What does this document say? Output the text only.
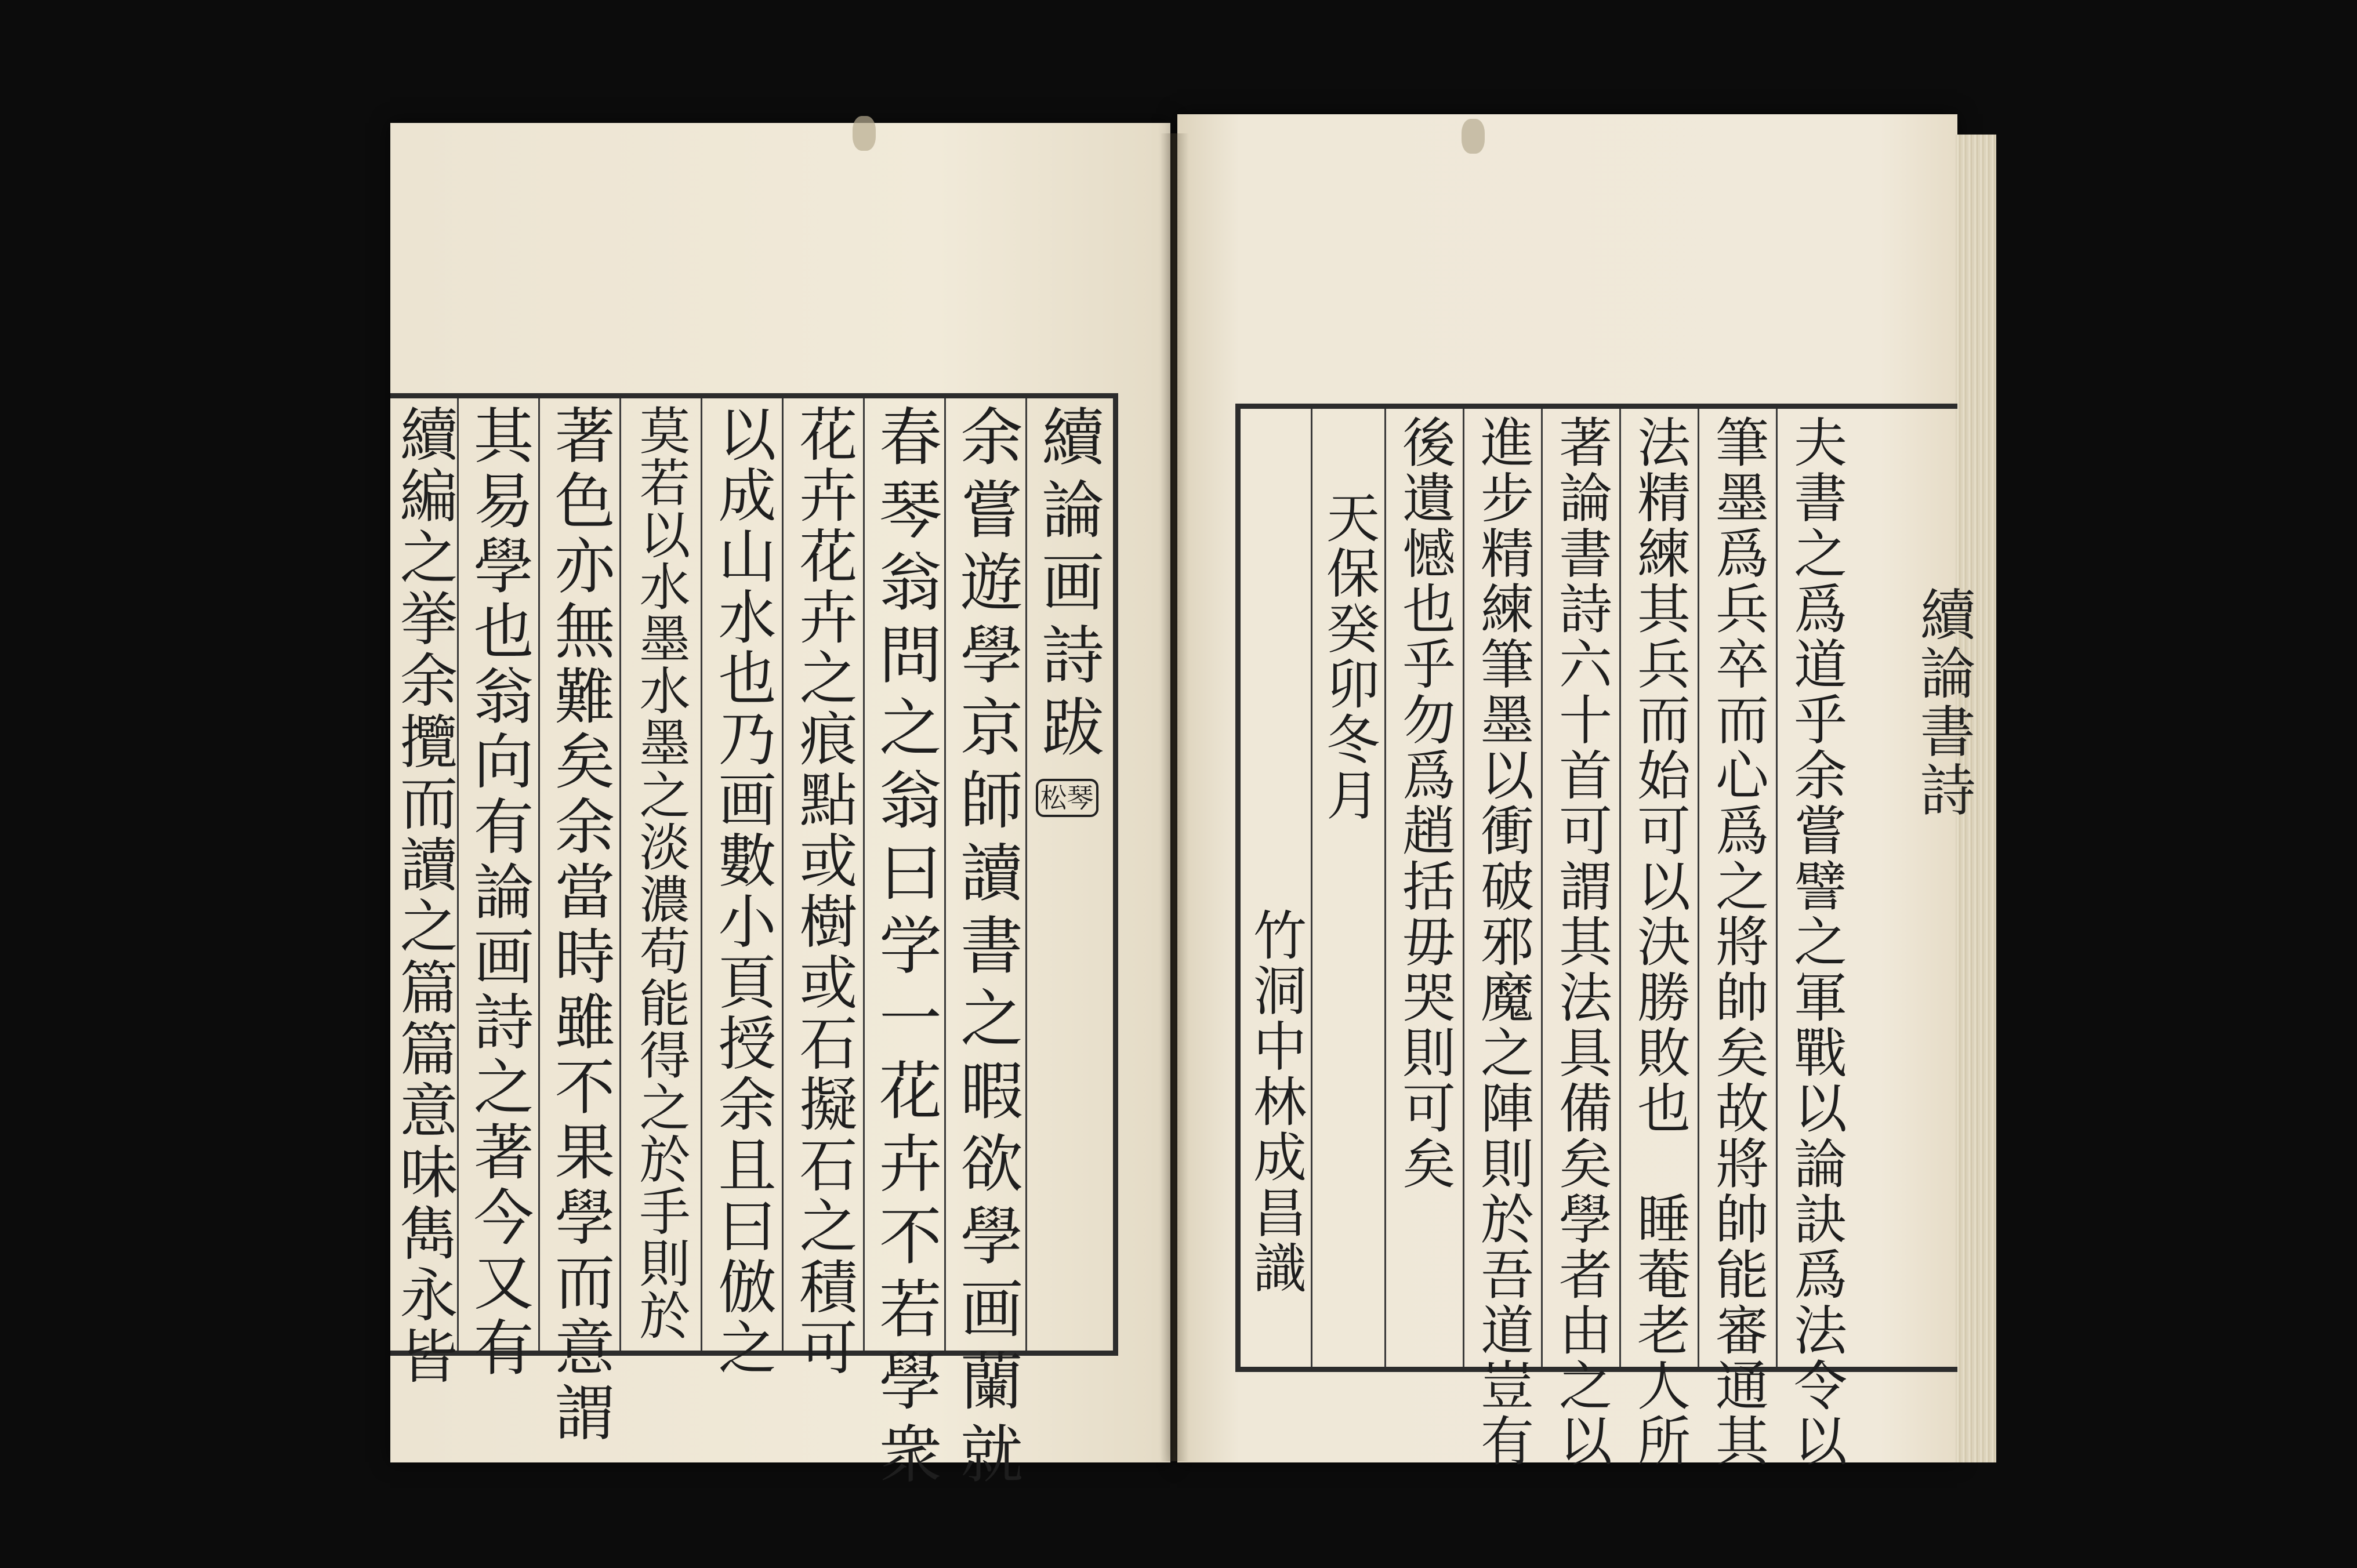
續論画詩跋
松琴
余嘗遊學京師讀書之暇欲學画蘭就
春琴翁問之翁曰学一花卉不若學衆
花卉花卉之痕點或樹或石擬石之積可
以成山水也乃画數小頁授余且曰倣之
莫若以水墨水墨之淡濃苟能得之於手則於
著色亦無難矣余當時雖不果學而意謂
其易學也翁向有論画詩之著今又有
續編之挙余攬而讀之篇篇意味雋永皆	夫書之爲道乎余嘗譬之軍戰以論訣爲法令以
筆墨爲兵卒而心爲之將帥矣故將帥能審通其
法精練其兵而始可以決勝敗也　睡菴老人所
著論書詩六十首可謂其法具備矣學者由之以
進步精練筆墨以衝破邪魔之陣則於吾道豈有
後遺憾也乎勿爲趙括毋哭則可矣
天保癸卯冬月
竹洞中林成昌識
續論書詩
